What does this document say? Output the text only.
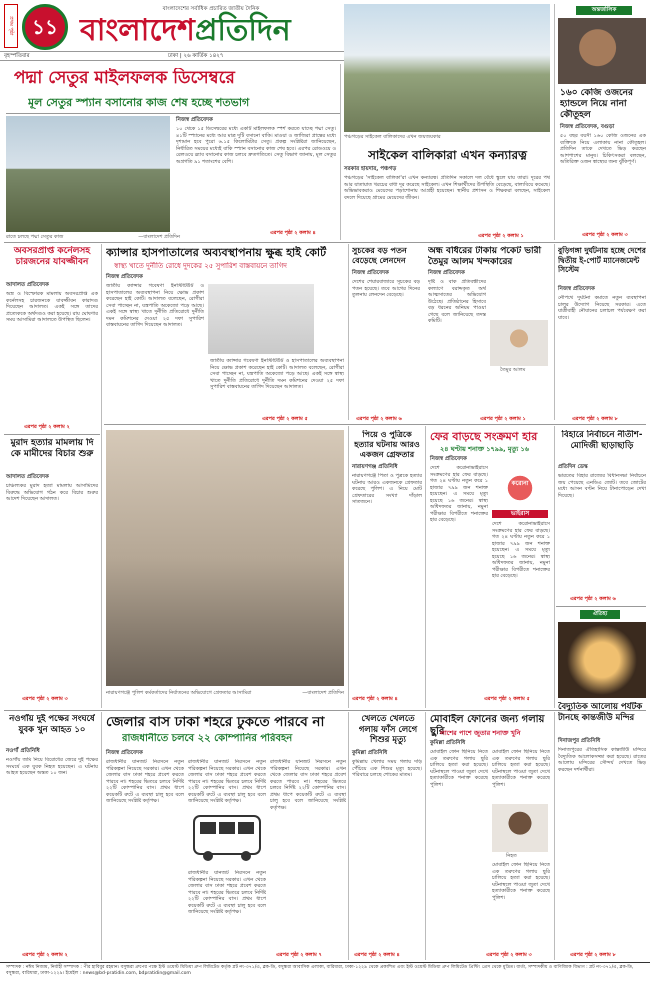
প্রথম পৃষ্ঠা ১১
বাংলাদেশের সর্বাধিক প্রচারিত জাতীয় দৈনিক
বাংলাদেশপ্রতিদিন
বৃহস্পতিবার	ঢাকা | ২৬ কার্তিক ১৪২৭
পদ্মা সেতুর মাইলফলক ডিসেম্বরে
মূল সেতুর স্প্যান বসানোর কাজ শেষ হচ্ছে শতভাগ
রাতে চলছে পদ্মা সেতুর কাজ	—বাংলাদেশ প্রতিদিন
নিজস্ব প্রতিবেদক
১০ থেকে ১৫ ডিসেম্বরের মধ্যে একটি মাইলফলক স্পর্শ করতে যাচ্ছে পদ্মা সেতু। ৪১টি স্প্যানের মধ্যে আর মাত্র দুটি বসানো বাকি। মাওয়া ও জাজিরা প্রান্তের মধ্যে দৃশ্যমান হবে পুরো ৬.১৫ কিলোমিটার সেতু। প্রকল্প সংশ্লিষ্টরা জানিয়েছেন, নির্ধারিত সময়ের মধ্যেই বাকি স্প্যান বসানোর কাজ শেষ হবে। এরপর রোডওয়ে ও রেলওয়ে স্ল্যাব বসানোর কাজ চলবে দ্রুতগতিতে। সেতু বিভাগ জানায়, মূল সেতুর অগ্রগতি ৯১ শতাংশের বেশি।
এরপর পৃষ্ঠা ২ কলাম ৪
পঞ্চগড়ের সাইকেল বালিকাদের এখন জয়জয়কার
সাইকেল বালিকারা এখন কন্যারত্ন
সরকার হায়দার, পঞ্চগড়
পঞ্চগড়ের 'সাইকেল বালিকা'রা এখন কন্যারত্ন। প্রতিদিন সকালে দল বেঁধে স্কুলে যায় তারা। দূরের পথ আর যাতায়াত খরচের বাধা দূর করেছে সাইকেল। এখন শিক্ষার্থীদের উপস্থিতি বেড়েছে, বাল্যবিয়ে কমেছে। অভিভাবকরাও মেয়েদের পড়াশোনায় আগ্রহী হয়েছেন। স্থানীয় প্রশাসন ও শিক্ষকরা বলছেন, সাইকেল বদলে দিয়েছে গ্রামের মেয়েদের জীবন।
এরপর পৃষ্ঠা ২ কলাম ১
অন্তর্জালিক
১৬০ কেজি ওজনের হ্যান্ডলে নিয়ে নানা কৌতূহল
নিজস্ব প্রতিবেদক, বগুড়া
৫০ বছর বয়সী ১৬০ কেজি ওজনের এক ব্যক্তিকে নিয়ে এলাকায় নানা কৌতূহল। প্রতিদিন তাকে দেখতে ভিড় করছেন আশপাশের মানুষ। চিকিৎসকরা বলছেন, অতিরিক্ত ওজন স্বাস্থ্যের জন্য ঝুঁকিপূর্ণ।
এরপর পৃষ্ঠা ২ কলাম ৩
অবসরপ্রাপ্ত কর্নেলসহ চারজনের যাবজ্জীবন
আদালত প্রতিবেদক
অস্ত্র ও বিস্ফোরক মামলায় অবসরপ্রাপ্ত এক কর্নেলসহ চারজনকে যাবজ্জীবন কারাদণ্ড দিয়েছেন আদালত। একই সঙ্গে তাদের প্রত্যেককে অর্থদণ্ডও করা হয়েছে। রায় ঘোষণার সময় আসামিরা আদালতে উপস্থিত ছিলেন।
এরপর পৃষ্ঠা ২ কলাম ২
ক্যান্সার হাসপাতালের অব্যবস্থাপনায় ক্ষুব্ধ হাই কোর্ট
স্বাস্থ্য খাতে দুর্নীতি রোধে দুদকের ২৫ সুপারিশ বাস্তবায়নে তাগিদ
নিজস্ব প্রতিবেদক
জাতীয় ক্যান্সার গবেষণা ইনস্টিটিউট ও হাসপাতালের অব্যবস্থাপনা নিয়ে ক্ষোভ প্রকাশ করেছেন হাই কোর্ট। আদালত বলেছেন, রোগীরা সেবা পাচ্ছেন না, যন্ত্রপাতি অকেজো পড়ে আছে। একই সঙ্গে স্বাস্থ্য খাতে দুর্নীতি প্রতিরোধে দুর্নীতি দমন কমিশনের দেওয়া ২৫ দফা সুপারিশ বাস্তবায়নের তাগিদ দিয়েছেন আদালত।
জাতীয় ক্যান্সার গবেষণা ইনস্টিটিউট ও হাসপাতালের অব্যবস্থাপনা নিয়ে ক্ষোভ প্রকাশ করেছেন হাই কোর্ট। আদালত বলেছেন, রোগীরা সেবা পাচ্ছেন না, যন্ত্রপাতি অকেজো পড়ে আছে। একই সঙ্গে স্বাস্থ্য খাতে দুর্নীতি প্রতিরোধে দুর্নীতি দমন কমিশনের দেওয়া ২৫ দফা সুপারিশ বাস্তবায়নের তাগিদ দিয়েছেন আদালত।
এরপর পৃষ্ঠা ২ কলাম ৫
সুচকের বড় পতন বেড়েছে লেনদেন
নিজস্ব প্রতিবেদক
দেশের শেয়ারবাজারে সূচকের বড় পতন হয়েছে। তবে আগের দিনের তুলনায় লেনদেন বেড়েছে।
এরপর পৃষ্ঠা ২ কলাম ৬
অন্ধ বধিরের টাকায় পকেট ভারী তৈমুর আলম খন্দকারের
নিজস্ব প্রতিবেদক
দৃষ্টি ও বাক প্রতিবন্ধীদের কল্যাণে বরাদ্দকৃত অর্থ আত্মসাতের অভিযোগ উঠেছে। প্রতিষ্ঠানের হিসাবে বড় ধরনের অনিয়ম পাওয়া গেছে বলে জানিয়েছে তদন্ত কমিটি।
তৈমুর আলম
এরপর পৃষ্ঠা ২ কলাম ১
বুড়িগঙ্গা দুর্ঘটনায় হচ্ছে দেশের দ্বিতীয় ই-পোর্ট ম্যানেজমেন্ট সিস্টেম
নিজস্ব প্রতিবেদক
নৌপথে দুর্ঘটনা কমাতে নতুন ব্যবস্থাপনা চালুর উদ্যোগ নিয়েছে সরকার। এতে যাত্রীবাহী নৌযানের চলাচল পর্যবেক্ষণ করা যাবে।
এরপর পৃষ্ঠা ২ কলাম ৮
মুরাদ হত্যার মামলায় দি কে মামীদের বিচার শুরু
আদালত প্রতিবেদক
চাঞ্চল্যকর মুরাদ হত্যা মামলায় আসামিদের বিরুদ্ধে অভিযোগ গঠন করে বিচার শুরুর আদেশ দিয়েছেন আদালত।
এরপর পৃষ্ঠা ২ কলাম ৩
নারায়ণগঞ্জে পুলিশ কর্মকর্তাদের নির্যাতনের অভিযোগে গ্রেফতার আসামিরা	—বাংলাদেশ প্রতিদিন
পিয়ে ও পুত্রিকে হত্যার ঘটনায় আরও একজন গ্রেফতার
নারায়ণগঞ্জ প্রতিনিধি
নারায়ণগঞ্জে পিতা ও পুত্রকে হত্যার ঘটনায় আরও একজনকে গ্রেফতার করেছে পুলিশ। এ নিয়ে মোট গ্রেফতারের সংখ্যা দাঁড়াল সাতজনে।
এরপর পৃষ্ঠা ২ কলাম ৪
ফের বাড়ছে সংক্রমণ হার
২৪ ঘণ্টায় শনাক্ত ১৭৯৯, মৃত্যু ১৬
নিজস্ব প্রতিবেদক
দেশে করোনাভাইরাসে সংক্রমণের হার ফের বাড়ছে। গত ২৪ ঘণ্টায় নতুন করে ১ হাজার ৭৯৯ জন শনাক্ত হয়েছেন। এ সময়ে মৃত্যু হয়েছে ১৬ জনের। স্বাস্থ্য অধিদফতর জানায়, নমুনা পরীক্ষার বিপরীতে শনাক্তের হার বেড়েছে।
করোনা
ভাইরাস
দেশে করোনাভাইরাসে সংক্রমণের হার ফের বাড়ছে। গত ২৪ ঘণ্টায় নতুন করে ১ হাজার ৭৯৯ জন শনাক্ত হয়েছেন। এ সময়ে মৃত্যু হয়েছে ১৬ জনের। স্বাস্থ্য অধিদফতর জানায়, নমুনা পরীক্ষার বিপরীতে শনাক্তের হার বেড়েছে।
এরপর পৃষ্ঠা ২ কলাম ৫
বিহারে নির্বাচনে নীতীশ-মোদিজী ছাড়াছাড়ি
প্রতিদিন ডেস্ক
ভারতের বিহার রাজ্যের বিধানসভা নির্বাচনে জয় পেয়েছে এনডিএ জোট। তবে জোটের মধ্যে আসন বণ্টন নিয়ে টানাপোড়েন দেখা দিয়েছে।
এরপর পৃষ্ঠা ২ কলাম ৬
ঐতিহ্য
নওগাঁয় দুই পক্ষের সংঘর্ষে যুবক খুন আহত ১০
নওগাঁ প্রতিনিধি
নওগাঁয় জমি নিয়ে বিরোধের জেরে দুই পক্ষের সংঘর্ষে এক যুবক নিহত হয়েছেন। এ ঘটনায় আহত হয়েছেন অন্তত ১০ জন।
এরপর পৃষ্ঠা ২ কলাম ২
জেলার বাস ঢাকা শহরে ঢুকতে পারবে না
রাজধানীতে চলবে ২২ কোম্পানির পরিবহন
নিজস্ব প্রতিবেদক
রাজধানীর যানজট নিরসনে নতুন পরিকল্পনা নিয়েছে সরকার। এখন থেকে জেলার বাস ঢাকা শহরে প্রবেশ করতে পারবে না। শহরের ভিতরে চলবে নির্দিষ্ট ২২টি কোম্পানির বাস। প্রথম ধাপে কয়েকটি রুটে এ ব্যবস্থা চালু হবে বলে জানিয়েছে সংশ্লিষ্ট কর্তৃপক্ষ।
রাজধানীর যানজট নিরসনে নতুন পরিকল্পনা নিয়েছে সরকার। এখন থেকে জেলার বাস ঢাকা শহরে প্রবেশ করতে পারবে না। শহরের ভিতরে চলবে নির্দিষ্ট ২২টি কোম্পানির বাস। প্রথম ধাপে কয়েকটি রুটে এ ব্যবস্থা চালু হবে বলে জানিয়েছে সংশ্লিষ্ট কর্তৃপক্ষ।
রাজধানীর যানজট নিরসনে নতুন পরিকল্পনা নিয়েছে সরকার। এখন থেকে জেলার বাস ঢাকা শহরে প্রবেশ করতে পারবে না। শহরের ভিতরে চলবে নির্দিষ্ট ২২টি কোম্পানির বাস। প্রথম ধাপে কয়েকটি রুটে এ ব্যবস্থা চালু হবে বলে জানিয়েছে সংশ্লিষ্ট কর্তৃপক্ষ।
রাজধানীর যানজট নিরসনে নতুন পরিকল্পনা নিয়েছে সরকার। এখন থেকে জেলার বাস ঢাকা শহরে প্রবেশ করতে পারবে না। শহরের ভিতরে চলবে নির্দিষ্ট ২২টি কোম্পানির বাস। প্রথম ধাপে কয়েকটি রুটে এ ব্যবস্থা চালু হবে বলে জানিয়েছে সংশ্লিষ্ট কর্তৃপক্ষ।
এরপর পৃষ্ঠা ২ কলাম ৭
খেলতে খেলতে গলায় ফাঁস লেগে শিশুর মৃত্যু
কুমিল্লা প্রতিনিধি
কুমিল্লায় খেলার সময় গলায় দড়ি পেঁচিয়ে এক শিশুর মৃত্যু হয়েছে। পরিবারে চলছে শোকের মাতম।
এরপর পৃষ্ঠা ২ কলাম ৪
মোবাইল ফোনের জন্য গলায় ছুরি
লাশের পাশে জুতার শনাক্ত খুনি
কুমিল্লা প্রতিনিধি
মোবাইল ফোন ছিনিয়ে নিতে এক তরুণের গলায় ছুরি চালিয়ে হত্যা করা হয়েছে। ঘটনাস্থলে পাওয়া জুতা দেখে হত্যাকারীকে শনাক্ত করেছে পুলিশ।
নিহত
মোবাইল ফোন ছিনিয়ে নিতে এক তরুণের গলায় ছুরি চালিয়ে হত্যা করা হয়েছে। ঘটনাস্থলে পাওয়া জুতা দেখে হত্যাকারীকে শনাক্ত করেছে পুলিশ।
মোবাইল ফোন ছিনিয়ে নিতে এক তরুণের গলায় ছুরি চালিয়ে হত্যা করা হয়েছে। ঘটনাস্থলে পাওয়া জুতা দেখে হত্যাকারীকে শনাক্ত করেছে পুলিশ।
এরপর পৃষ্ঠা ২ কলাম ৩
বৈদ্যুতিক আলোয় পর্যটক টানছে কান্তজীউ মন্দির
দিনাজপুর প্রতিনিধি
দিনাজপুরের ঐতিহাসিক কান্তজীউ মন্দিরে বৈদ্যুতিক আলোকসজ্জা করা হয়েছে। রাতের আলোয় মন্দিরের সৌন্দর্য দেখতে ভিড় করছেন দর্শনার্থীরা।
এরপর পৃষ্ঠা ২ কলাম ৮
সম্পাদক : নঈম নিজাম, নির্বাহী সম্পাদক : পীর হাবিবুর রহমান। বসুন্ধরা গ্রুপের পক্ষে ইস্ট ওয়েস্ট মিডিয়া গ্রুপ লিমিটেড কর্তৃক প্লট নং-৩৭১/এ, ব্লক-ডি, বসুন্ধরা আবাসিক এলাকা, বারিধারা, ঢাকা-১২২৯ থেকে প্রকাশিত এবং ইস্ট ওয়েস্ট মিডিয়া গ্রুপ লিমিটেড প্রিন্টিং প্রেস থেকে মুদ্রিত। বার্তা, সম্পাদকীয় ও বাণিজ্যিক বিভাগ : প্লট নং-৩৭১/এ, ব্লক-ডি, বসুন্ধরা, বারিধারা, ঢাকা-১২২৯। ইমেইল : news@bd-pratidin.com, bdpratidin@gmail.com
